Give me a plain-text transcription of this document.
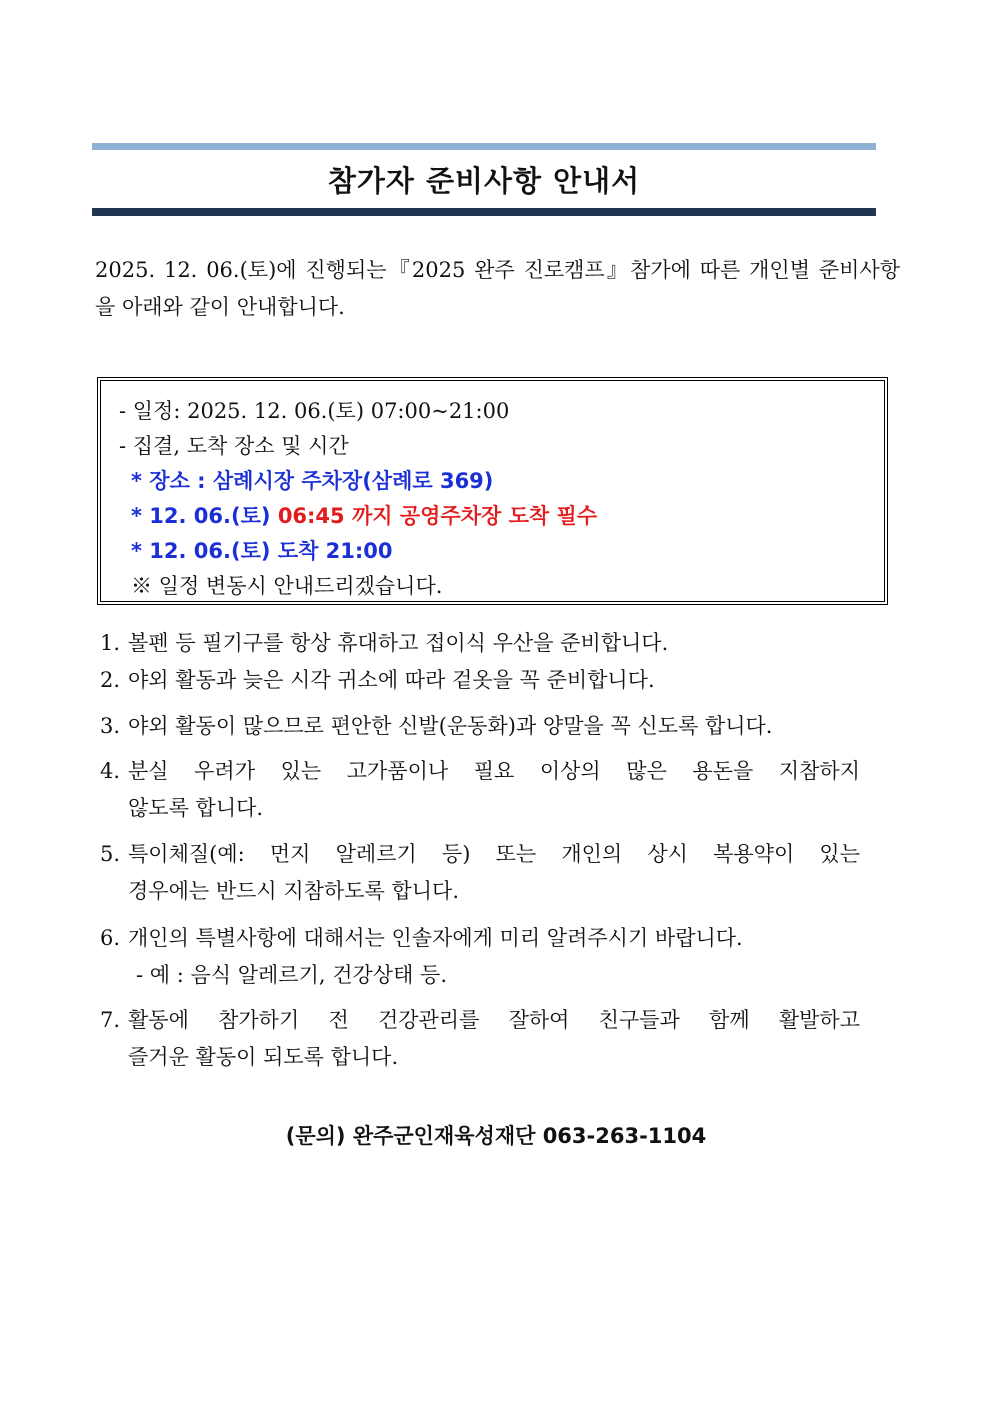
참가자 준비사항 안내서
2025. 12. 06.(토)에 진행되는『2025 완주 진로캠프』참가에 따른 개인별 준비사항
을 아래와 같이 안내합니다.
- 일정: 2025. 12. 06.(토) 07:00~21:00
- 집결, 도착 장소 및 시간
* 장소 : 삼례시장 주차장(삼례로 369)
* 12. 06.(토) 06:45 까지 공영주차장 도착 필수
* 12. 06.(토) 도착 21:00
※ 일정 변동시 안내드리겠습니다.
1. 볼펜 등 필기구를 항상 휴대하고 접이식 우산을 준비합니다.
2. 야외 활동과 늦은 시각 귀소에 따라 겉옷을 꼭 준비합니다.
3. 야외 활동이 많으므로 편안한 신발(운동화)과 양말을 꼭 신도록 합니다.
4. 분실 우려가 있는 고가품이나 필요 이상의 많은 용돈을 지참하지
않도록 합니다.
5. 특이체질(예: 먼지 알레르기 등) 또는 개인의 상시 복용약이 있는
경우에는 반드시 지참하도록 합니다.
6. 개인의 특별사항에 대해서는 인솔자에게 미리 알려주시기 바랍니다.
- 예 : 음식 알레르기, 건강상태 등.
7. 활동에 참가하기 전 건강관리를 잘하여 친구들과 함께 활발하고
즐거운 활동이 되도록 합니다.
(문의) 완주군인재육성재단 063-263-1104
